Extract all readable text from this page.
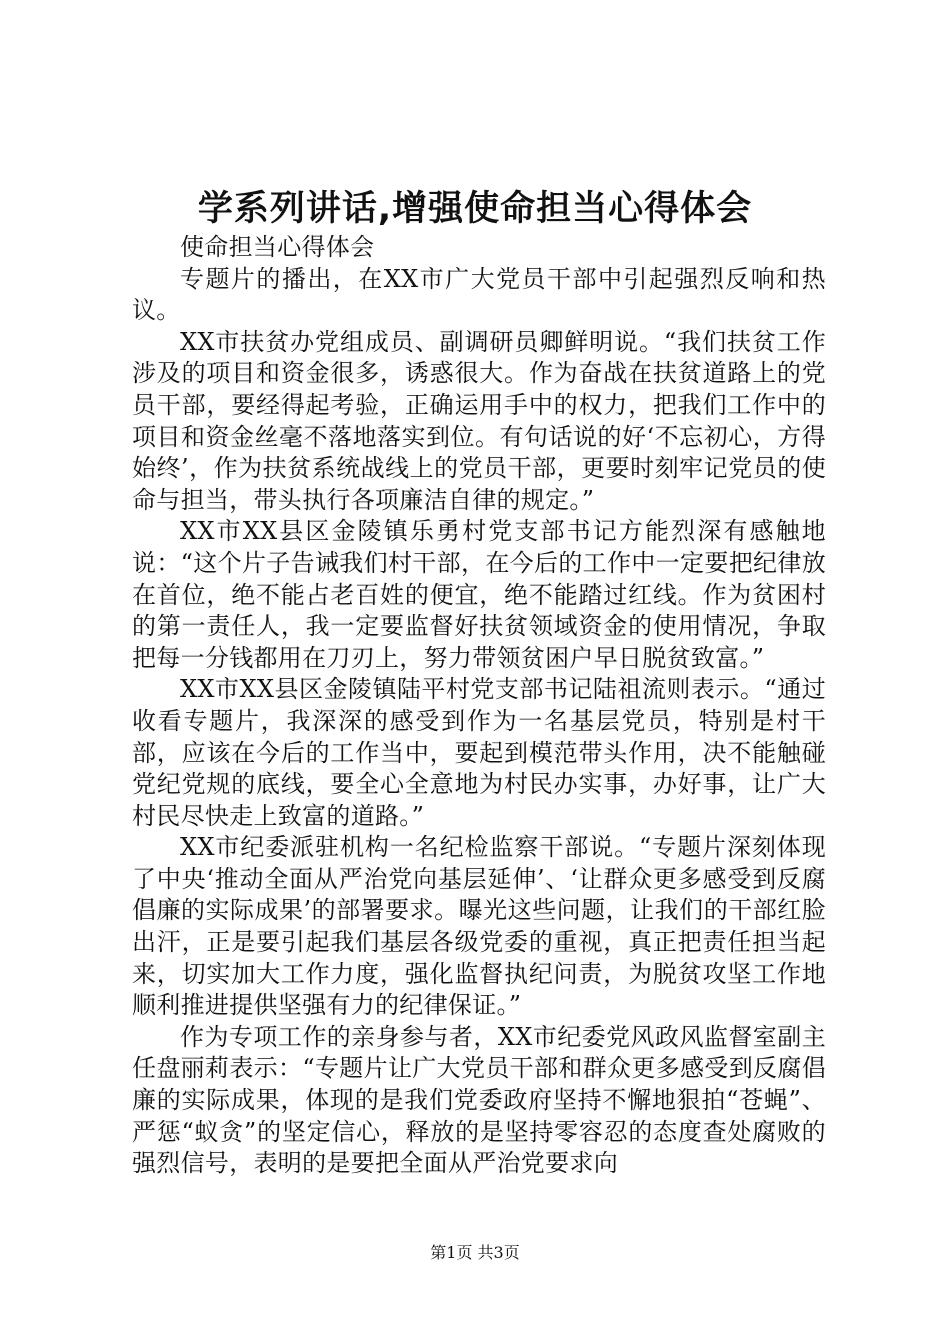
学系列讲话,增强使命担当心得体会

使命担当心得体会

专题片的播出，在XX市广大党员干部中引起强烈反响和热议。

XX市扶贫办党组成员、副调研员卿鲜明说。“我们扶贫工作涉及的项目和资金很多，诱惑很大。作为奋战在扶贫道路上的党员干部，要经得起考验，正确运用手中的权力，把我们工作中的项目和资金丝毫不落地落实到位。有句话说的好‘不忘初心，方得始终’，作为扶贫系统战线上的党员干部，更要时刻牢记党员的使命与担当，带头执行各项廉洁自律的规定。”

XX市XX县区金陵镇乐勇村党支部书记方能烈深有感触地说：“这个片子告诫我们村干部，在今后的工作中一定要把纪律放在首位，绝不能占老百姓的便宜，绝不能踏过红线。作为贫困村的第一责任人，我一定要监督好扶贫领域资金的使用情况，争取把每一分钱都用在刀刃上，努力带领贫困户早日脱贫致富。”

XX市XX县区金陵镇陆平村党支部书记陆祖流则表示。“通过收看专题片，我深深的感受到作为一名基层党员，特别是村干部，应该在今后的工作当中，要起到模范带头作用，决不能触碰党纪党规的底线，要全心全意地为村民办实事，办好事，让广大村民尽快走上致富的道路。”

XX市纪委派驻机构一名纪检监察干部说。“专题片深刻体现了中央‘推动全面从严治党向基层延伸’、‘让群众更多感受到反腐倡廉的实际成果’的部署要求。曝光这些问题，让我们的干部红脸出汗，正是要引起我们基层各级党委的重视，真正把责任担当起来，切实加大工作力度，强化监督执纪问责，为脱贫攻坚工作地顺利推进提供坚强有力的纪律保证。”

作为专项工作的亲身参与者，XX市纪委党风政风监督室副主任盘丽莉表示：“专题片让广大党员干部和群众更多感受到反腐倡廉的实际成果，体现的是我们党委政府坚持不懈地狠拍“苍蝇”、严惩“蚁贪”的坚定信心，释放的是坚持零容忍的态度查处腐败的强烈信号，表明的是要把全面从严治党要求向

第1页 共3页
